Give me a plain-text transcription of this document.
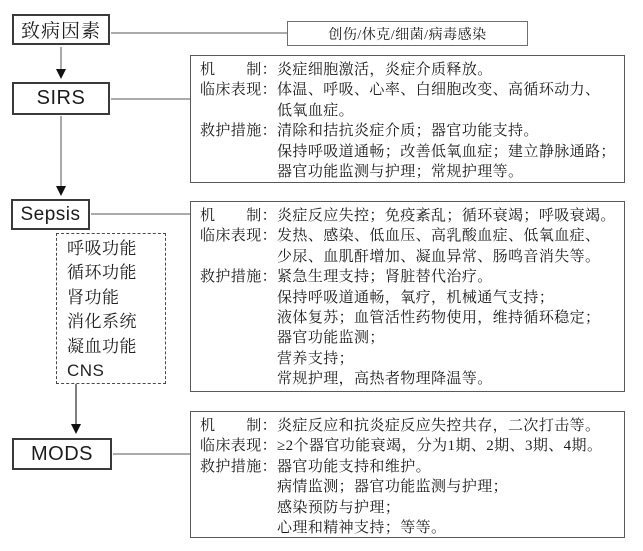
致病因素	创伤/休克/细菌/病毒感染
SIRS
Sepsis
呼吸功能
循环功能
肾功能
消化系统
凝血功能
CNS
MODS
机　　制： 炎症细胞激活，炎症介质释放。
临床表现： 体温、呼吸、心率、白细胞改变、高循环动力、
低氧血症。
救护措施： 清除和拮抗炎症介质；器官功能支持。
保持呼吸道通畅；改善低氧血症；建立静脉通路；
器官功能监测与护理；常规护理等。
机　　制： 炎症反应失控；免疫紊乱；循环衰竭；呼吸衰竭。
临床表现： 发热、感染、低血压、高乳酸血症、低氧血症、
少尿、血肌酐增加、凝血异常、肠鸣音消失等。
救护措施： 紧急生理支持；肾脏替代治疗。
保持呼吸道通畅，氧疗，机械通气支持；
液体复苏；血管活性药物使用，维持循环稳定；
器官功能监测；
营养支持；
常规护理，高热者物理降温等。
机　　制： 炎症反应和抗炎症反应失控共存，二次打击等。
临床表现： ≥2个器官功能衰竭，分为1期、2期、3期、4期。
救护措施： 器官功能支持和维护。
病情监测；器官功能监测与护理；
感染预防与护理；
心理和精神支持；等等。
